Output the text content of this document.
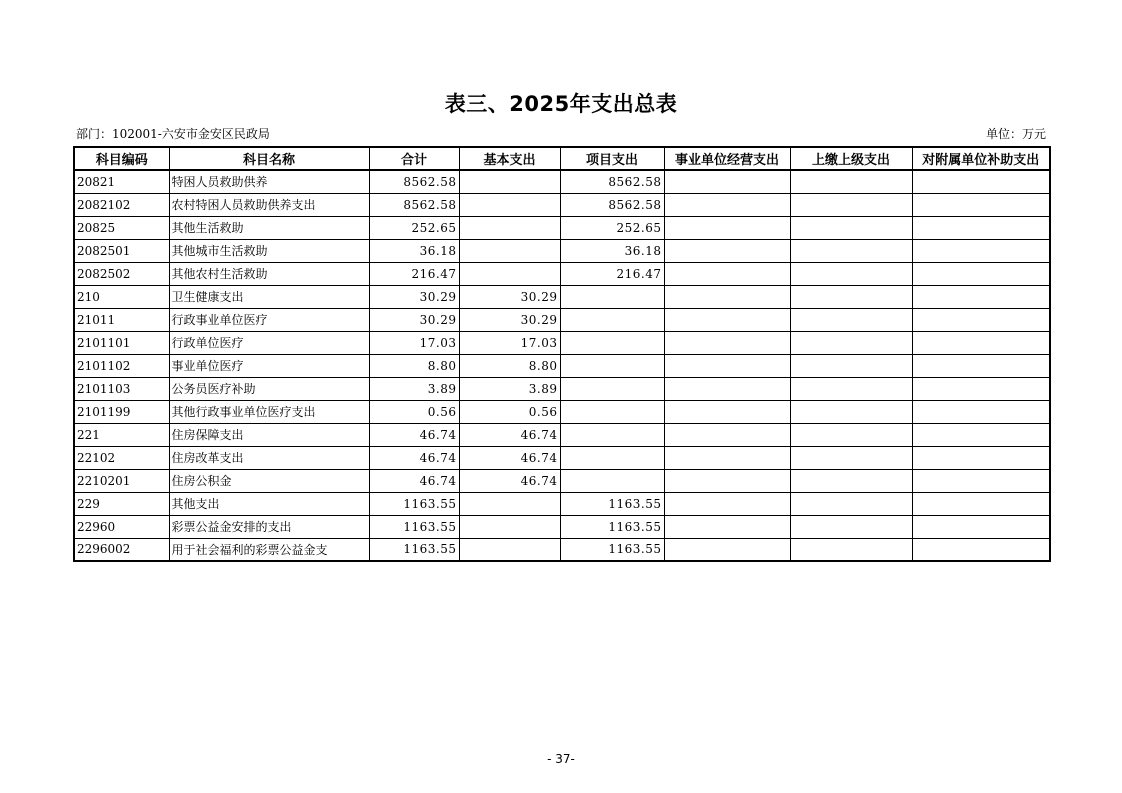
表三、2025年支出总表
部门：102001-六安市金安区民政局	单位：万元
科目编码	科目名称	合计	基本支出	项目支出	事业单位经营支出	上缴上级支出	对附属单位补助支出
20821	特困人员救助供养	8562.58		8562.58			
2082102	农村特困人员救助供养支出	8562.58		8562.58			
20825	其他生活救助	252.65		252.65			
2082501	其他城市生活救助	36.18		36.18			
2082502	其他农村生活救助	216.47		216.47			
210	卫生健康支出	30.29	30.29				
21011	行政事业单位医疗	30.29	30.29				
2101101	行政单位医疗	17.03	17.03				
2101102	事业单位医疗	8.80	8.80				
2101103	公务员医疗补助	3.89	3.89				
2101199	其他行政事业单位医疗支出	0.56	0.56				
221	住房保障支出	46.74	46.74				
22102	住房改革支出	46.74	46.74				
2210201	住房公积金	46.74	46.74				
229	其他支出	1163.55		1163.55			
22960	彩票公益金安排的支出	1163.55		1163.55			
2296002	用于社会福利的彩票公益金支	1163.55		1163.55			
- 37-
